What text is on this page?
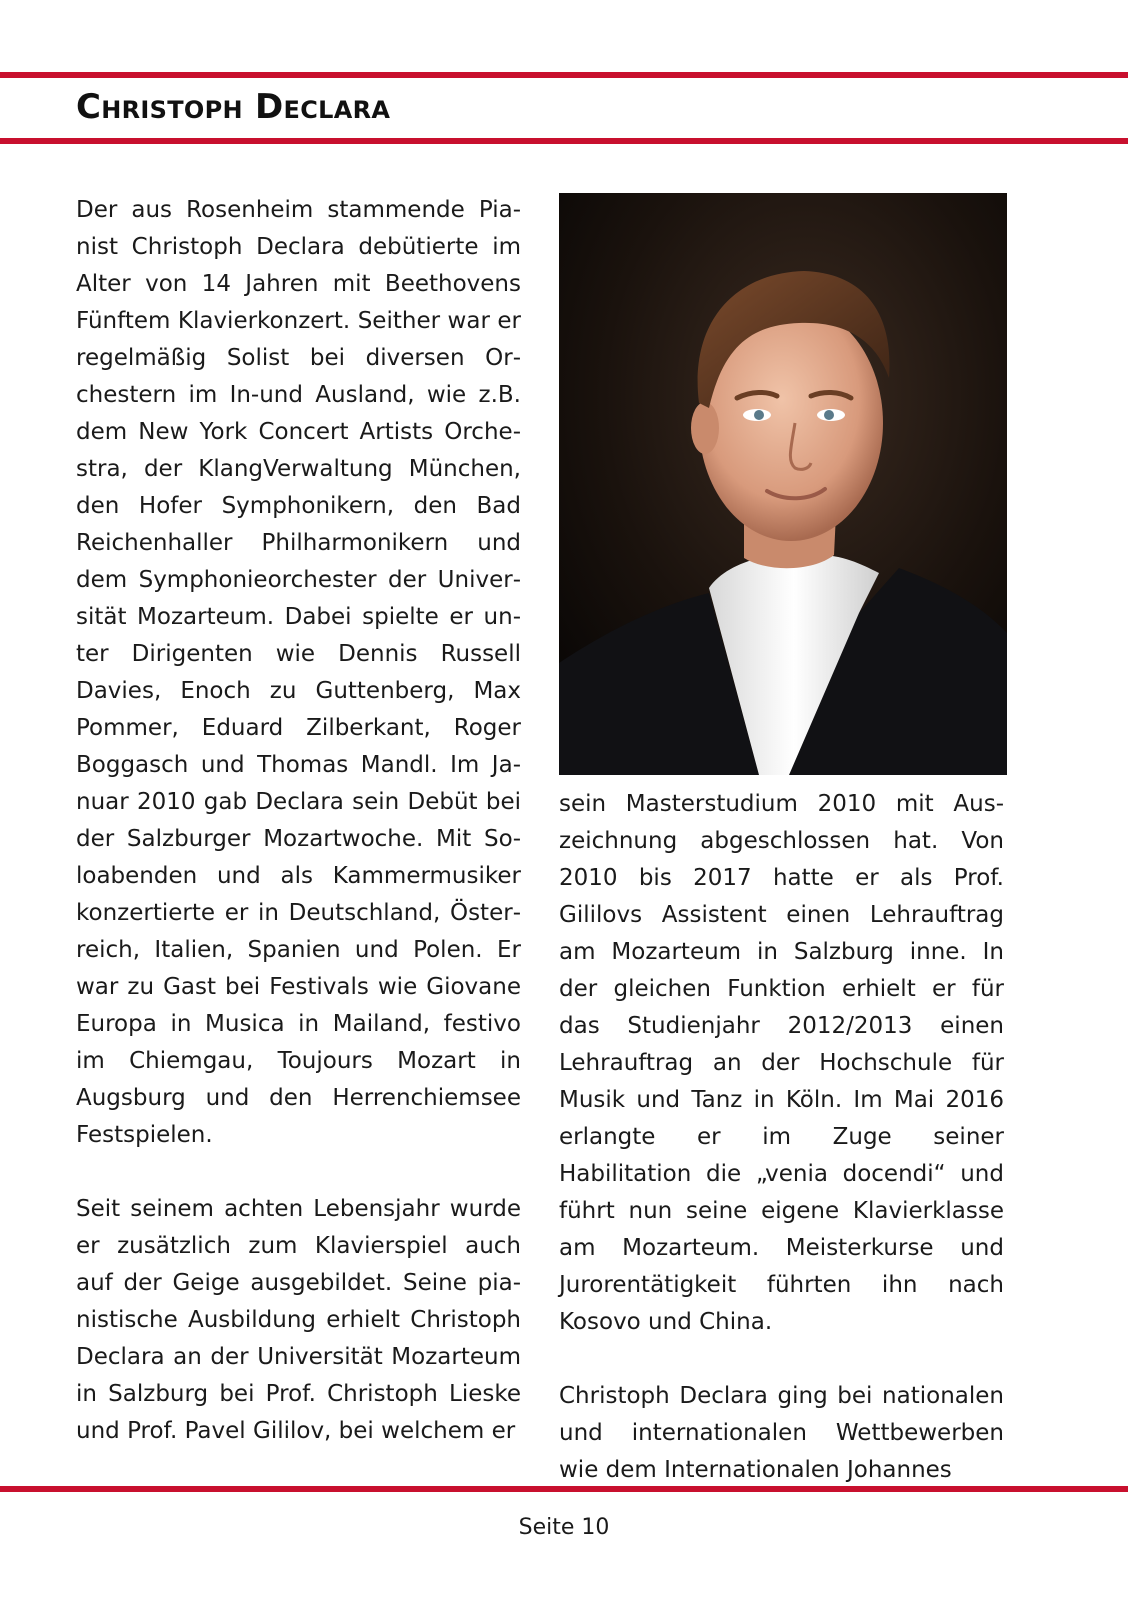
Christoph Declara

Der aus Rosenheim stammende Pianist Christoph Declara debütierte im Alter von 14 Jahren mit Beethovens Fünftem Klavierkonzert. Seither war er regelmäßig Solist bei diversen Orchestern im In-und Ausland, wie z.B. dem New York Concert Artists Orchestra, der KlangVerwaltung München, den Hofer Symphonikern, den Bad Reichenhaller Philharmonikern und dem Symphonieorchester der Universität Mozarteum. Dabei spielte er unter Dirigenten wie Dennis Russell Davies, Enoch zu Guttenberg, Max Pommer, Eduard Zilberkant, Roger Boggasch und Thomas Mandl. Im Januar 2010 gab Declara sein Debüt bei der Salzburger Mozartwoche. Mit Soloabenden und als Kammermusiker konzertierte er in Deutschland, Österreich, Italien, Spanien und Polen. Er war zu Gast bei Festivals wie Giovane Europa in Musica in Mailand, festivo im Chiemgau, Toujours Mozart in Augsburg und den Herrenchiemsee Festspielen.

Seit seinem achten Lebensjahr wurde er zusätzlich zum Klavierspiel auch auf der Geige ausgebildet. Seine pianistische Ausbildung erhielt Christoph Declara an der Universität Mozarteum in Salzburg bei Prof. Christoph Lieske und Prof. Pavel Gililov, bei welchem er

sein Masterstudium 2010 mit Auszeichnung abgeschlossen hat. Von 2010 bis 2017 hatte er als Prof. Gililovs Assistent einen Lehrauftrag am Mozarteum in Salzburg inne. In der gleichen Funktion erhielt er für das Studienjahr 2012/2013 einen Lehrauftrag an der Hochschule für Musik und Tanz in Köln. Im Mai 2016 erlangte er im Zuge seiner Habilitation die „venia docendi“ und führt nun seine eigene Klavierklasse am Mozarteum. Meisterkurse und Jurorentätigkeit führten ihn nach Kosovo und China.

Christoph Declara ging bei nationalen und internationalen Wettbewerben wie dem Internationalen Johannes

Seite 10
